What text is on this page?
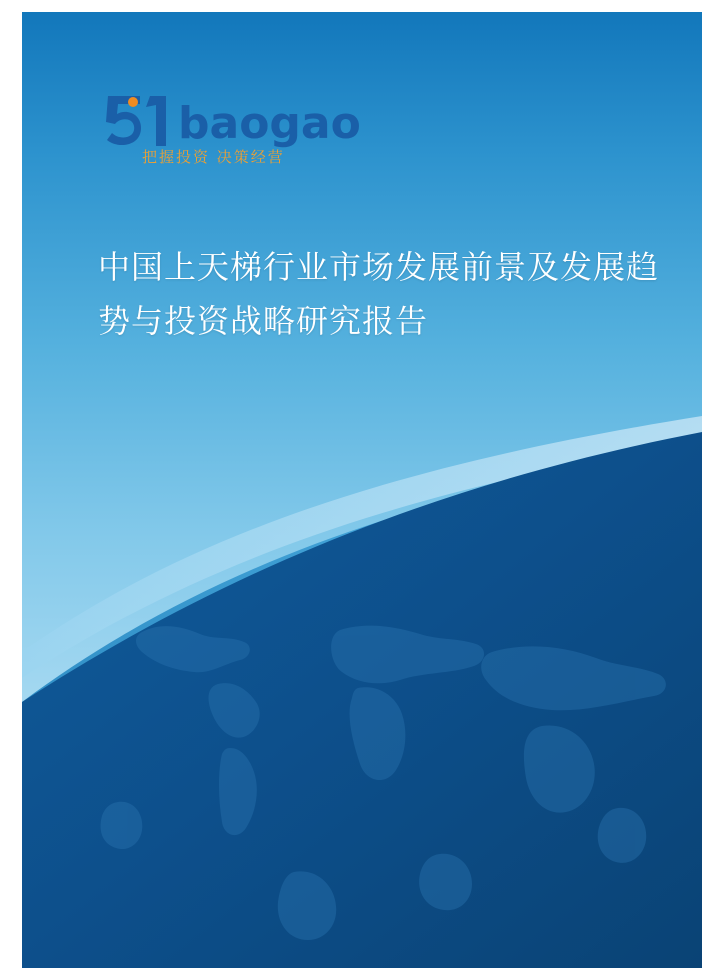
baogao
把握投资 决策经营
中国上天梯行业市场发展前景及发展趋势与投资战略研究报告
